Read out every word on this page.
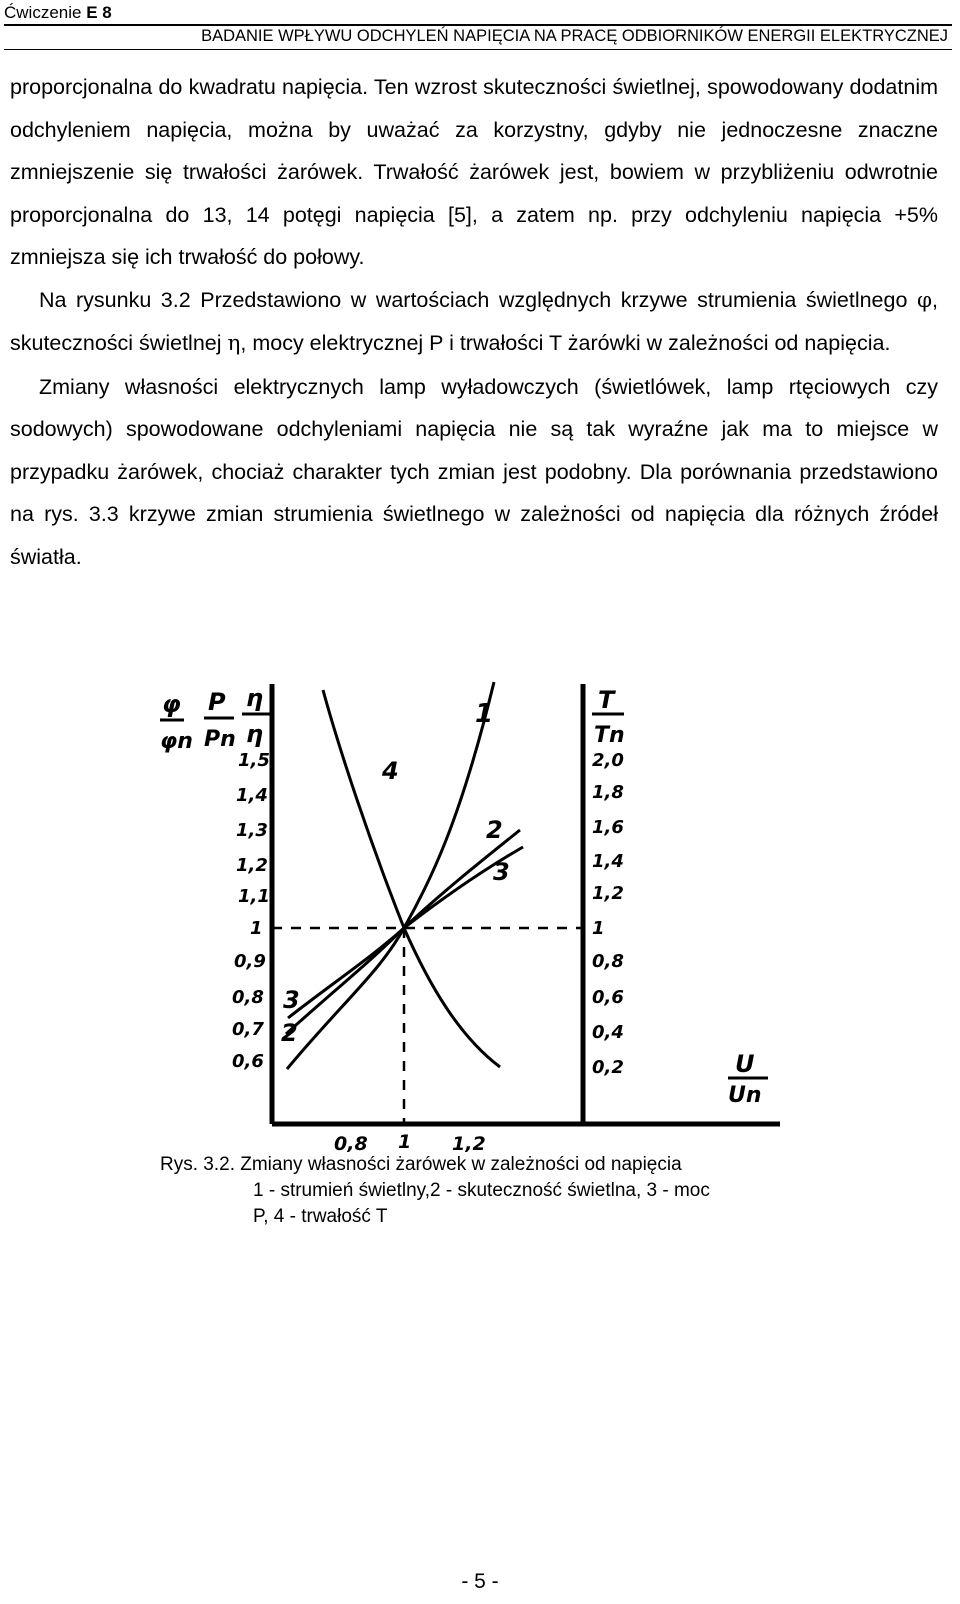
Ćwiczenie E 8
BADANIE WPŁYWU ODCHYLEŃ NAPIĘCIA NA PRACĘ ODBIORNIKÓW ENERGII ELEKTRYCZNEJ

proporcjonalna do kwadratu napięcia. Ten wzrost skuteczności świetlnej, spowodowany dodatnim odchyleniem napięcia, można by uważać za korzystny, gdyby nie jednoczesne znaczne zmniejszenie się trwałości żarówek. Trwałość żarówek jest, bowiem w przybliżeniu odwrotnie proporcjonalna do 13, 14 potęgi napięcia [5], a zatem np. przy odchyleniu napięcia +5% zmniejsza się ich trwałość do połowy.

Na rysunku 3.2 Przedstawiono w wartościach względnych krzywe strumienia świetlnego φ, skuteczności świetlnej η, mocy elektrycznej P i trwałości T żarówki w zależności od napięcia.

Zmiany własności elektrycznych lamp wyładowczych (świetlówek, lamp rtęciowych czy sodowych) spowodowane odchyleniami napięcia nie są tak wyraźne jak ma to miejsce w przypadku żarówek, chociaż charakter tych zmian jest podobny. Dla porównania przedstawiono na rys. 3.3 krzywe zmian strumienia świetlnego w zależności od napięcia dla różnych źródeł światła.

φ
φn
P
Pn
η
η
T
Tn
U
Un
1,5
1,4
1,3
1,2
1,1
1
0,9
0,8
0,7
0,6
2,0
1,8
1,6
1,4
1,2
1
0,8
0,6
0,4
0,2
0,8 1 1,2
1
2
3
4
3
2
Rys. 3.2. Zmiany własności żarówek w zależności od napięcia
1 - strumień świetlny,2 - skuteczność świetlna, 3 - moc
P, 4 - trwałość T
- 5 -
